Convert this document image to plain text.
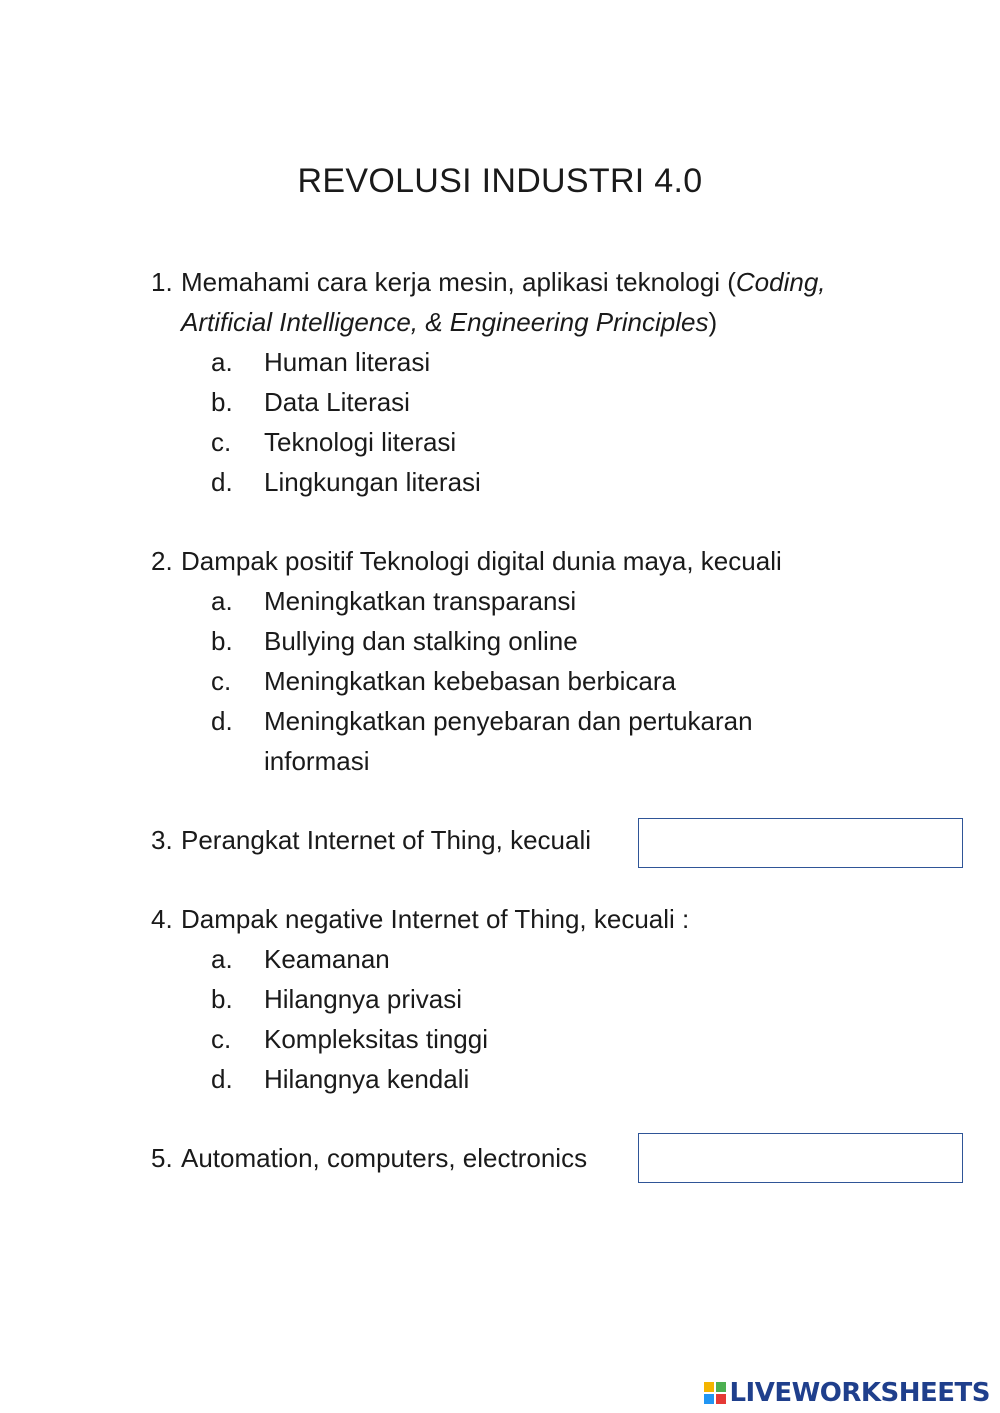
REVOLUSI INDUSTRI 4.0
1. Memahami cara kerja mesin, aplikasi teknologi (Coding, Artificial Intelligence, & Engineering Principles)
a.	Human literasi
b.	Data Literasi
c.	Teknologi literasi
d.	Lingkungan literasi
2. Dampak positif Teknologi digital dunia maya, kecuali
a.	Meningkatkan transparansi
b.	Bullying dan stalking online
c.	Meningkatkan kebebasan berbicara
d.	Meningkatkan penyebaran dan pertukaran
informasi
3. Perangkat Internet of Thing, kecuali
4. Dampak negative Internet of Thing, kecuali :
a.	Keamanan
b.	Hilangnya privasi
c.	Kompleksitas tinggi
d.	Hilangnya kendali
5. Automation, computers, electronics
LIVEWORKSHEETS
